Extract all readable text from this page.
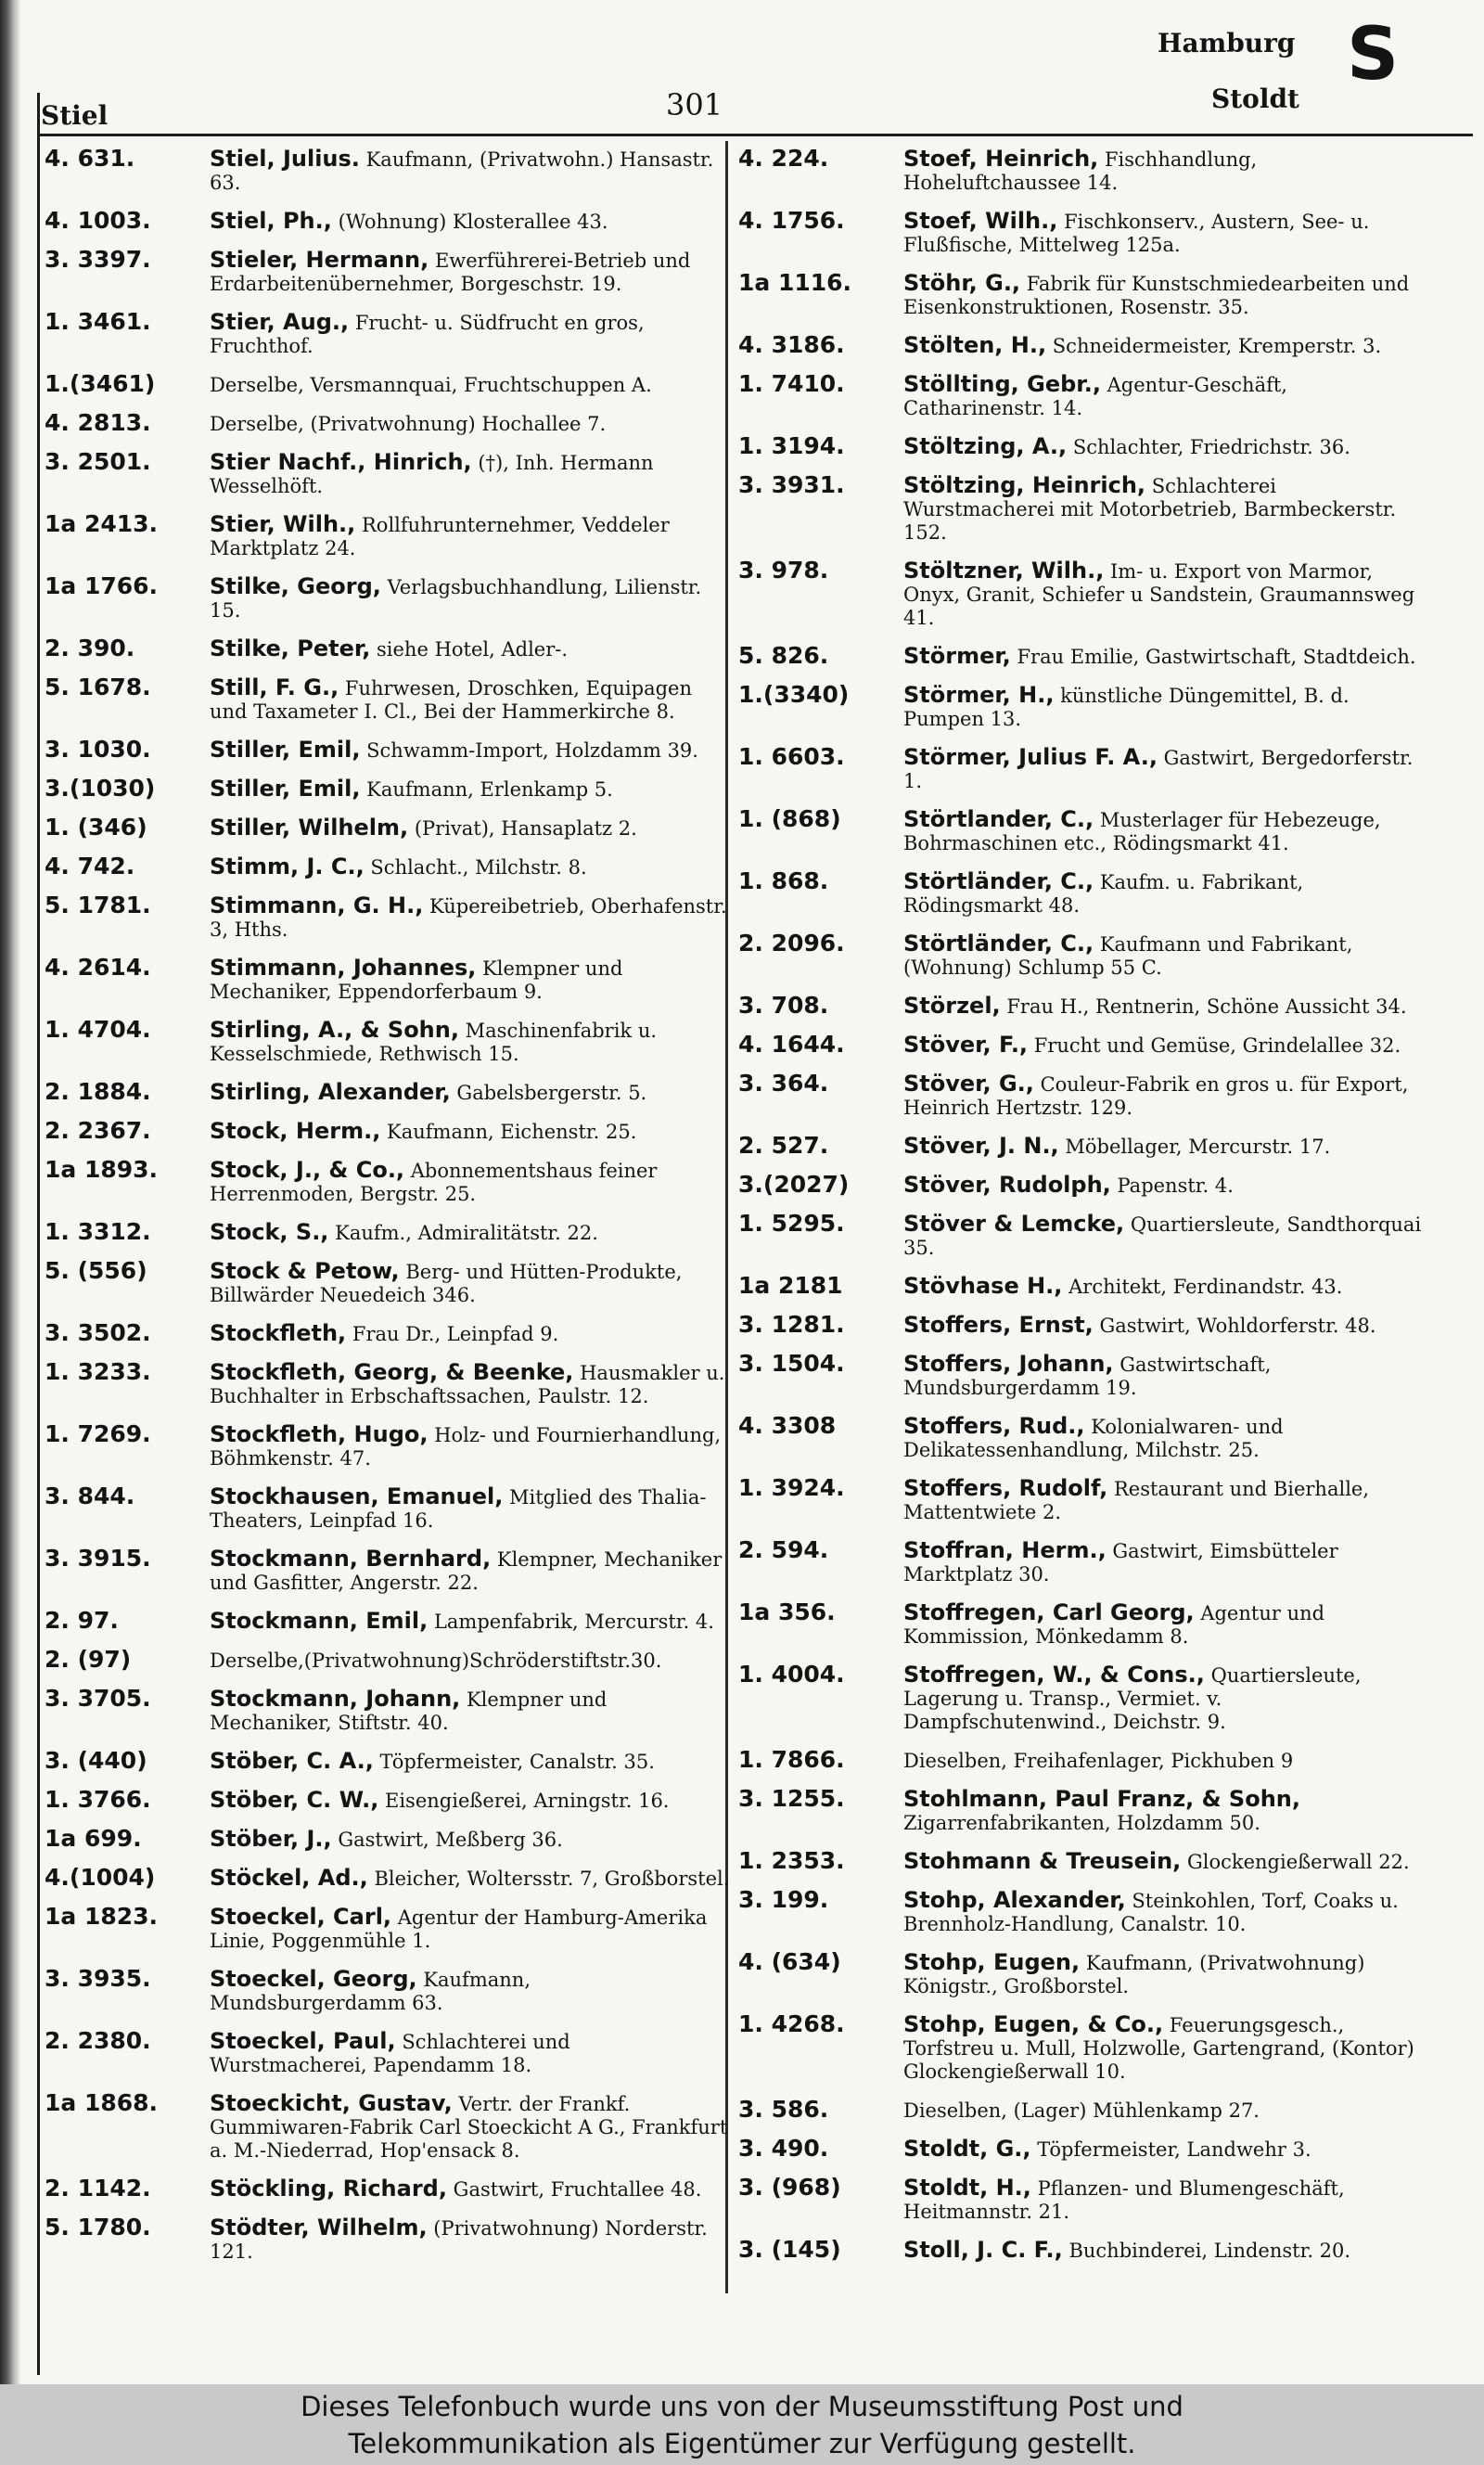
Stiel	301
Hamburg
Stoldt
S
4. 631.	Stiel, Julius. Kaufmann, (Privatwohn.) Hansastr. 63.
4. 1003.	Stiel, Ph., (Wohnung) Klosterallee 43.
3. 3397.	Stieler, Hermann, Ewerführerei-Betrieb und Erdarbeitenübernehmer, Borgeschstr. 19.
1. 3461.	Stier, Aug., Frucht- u. Südfrucht en gros, Fruchthof.
1.(3461)	Derselbe, Versmannquai, Fruchtschuppen A.
4. 2813.	Derselbe, (Privatwohnung) Hochallee 7.
3. 2501.	Stier Nachf., Hinrich, (†), Inh. Hermann Wesselhöft.
1a 2413. Stier, Wilh., Rollfuhrunternehmer, Veddeler Marktplatz 24.
1a 1766. Stilke, Georg, Verlagsbuchhandlung, Lilienstr. 15.
2. 390.	Stilke, Peter, siehe Hotel, Adler-.
5. 1678.	Still, F. G., Fuhrwesen, Droschken, Equipagen und Taxameter I. Cl., Bei der Hammerkirche 8.
3. 1030.	Stiller, Emil, Schwamm-Import, Holzdamm 39.
3.(1030) Stiller, Emil, Kaufmann, Erlenkamp 5.
1. (346)	Stiller, Wilhelm, (Privat), Hansaplatz 2.
4. 742.	Stimm, J. C., Schlacht., Milchstr. 8.
5. 1781.	Stimmann, G. H., Küpereibetrieb, Oberhafenstr. 3, Hths.
4. 2614.	Stimmann, Johannes, Klempner und Mechaniker, Eppendorferbaum 9.
1. 4704.	Stirling, A., & Sohn, Maschinenfabrik u. Kesselschmiede, Rethwisch 15.
2. 1884.	Stirling, Alexander, Gabelsbergerstr. 5.
2. 2367.	Stock, Herm., Kaufmann, Eichenstr. 25.
1a 1893. Stock, J., & Co., Abonnementshaus feiner Herrenmoden, Bergstr. 25.
1. 3312.	Stock, S., Kaufm., Admiralitätstr. 22.
5. (556)	Stock & Petow, Berg- und Hütten-Produkte, Billwärder Neuedeich 346.
3. 3502.	Stockfleth, Frau Dr., Leinpfad 9.
1. 3233.	Stockfleth, Georg, & Beenke, Hausmakler u. Buchhalter in Erbschaftssachen, Paulstr. 12.
1. 7269.	Stockfleth, Hugo, Holz- und Fournierhandlung, Böhmkenstr. 47.
3. 844.	Stockhausen, Emanuel, Mitglied des Thalia-Theaters, Leinpfad 16.
3. 3915.	Stockmann, Bernhard, Klempner, Mechaniker und Gasfitter, Angerstr. 22.
2. 97.	Stockmann, Emil, Lampenfabrik, Mercurstr. 4.
2. (97)	Derselbe,(Privatwohnung)Schröderstiftstr.30.
3. 3705.	Stockmann, Johann, Klempner und Mechaniker, Stiftstr. 40.
3. (440)	Stöber, C. A., Töpfermeister, Canalstr. 35.
1. 3766.	Stöber, C. W., Eisengießerei, Arningstr. 16.
1a 699.	Stöber, J., Gastwirt, Meßberg 36.
4.(1004) Stöckel, Ad., Bleicher, Woltersstr. 7, Großborstel.
1a 1823. Stoeckel, Carl, Agentur der Hamburg-Amerika Linie, Poggenmühle 1.
3. 3935.	Stoeckel, Georg, Kaufmann, Mundsburgerdamm 63.
2. 2380.	Stoeckel, Paul, Schlachterei und Wurstmacherei, Papendamm 18.
1a 1868. Stoeckicht, Gustav, Vertr. der Frankf. Gummiwaren-Fabrik Carl Stoeckicht A G., Frankfurt a. M.-Niederrad, Hop'ensack 8.
2. 1142.	Stöckling, Richard, Gastwirt, Fruchtallee 48.
5. 1780.	Stödter, Wilhelm, (Privatwohnung) Norderstr. 121.
4. 224.	Stoef, Heinrich, Fischhandlung, Hoheluftchaussee 14.
4. 1756.	Stoef, Wilh., Fischkonserv., Austern, See- u. Flußfische, Mittelweg 125a.
1a 1116. Stöhr, G., Fabrik für Kunstschmiedearbeiten und Eisenkonstruktionen, Rosenstr. 35.
4. 3186.	Stölten, H., Schneidermeister, Kremperstr. 3.
1. 7410.	Stöllting, Gebr., Agentur-Geschäft, Catharinenstr. 14.
1. 3194.	Stöltzing, A., Schlachter, Friedrichstr. 36.
3. 3931.	Stöltzing, Heinrich, Schlachterei Wurstmacherei mit Motorbetrieb, Barmbeckerstr. 152.
3. 978.	Stöltzner, Wilh., Im- u. Export von Marmor, Onyx, Granit, Schiefer u Sandstein, Graumannsweg 41.
5. 826.	Störmer, Frau Emilie, Gastwirtschaft, Stadtdeich.
1.(3340) Störmer, H., künstliche Düngemittel, B. d. Pumpen 13.
1. 6603.	Störmer, Julius F. A., Gastwirt, Bergedorferstr. 1.
1. (868)	Störtlander, C., Musterlager für Hebezeuge, Bohrmaschinen etc., Rödingsmarkt 41.
1. 868.	Störtländer, C., Kaufm. u. Fabrikant, Rödingsmarkt 48.
2. 2096.	Störtländer, C., Kaufmann und Fabrikant, (Wohnung) Schlump 55 C.
3. 708.	Störzel, Frau H., Rentnerin, Schöne Aussicht 34.
4. 1644.	Stöver, F., Frucht und Gemüse, Grindelallee 32.
3. 364.	Stöver, G., Couleur-Fabrik en gros u. für Export, Heinrich Hertzstr. 129.
2. 527.	Stöver, J. N., Möbellager, Mercurstr. 17.
3.(2027) Stöver, Rudolph, Papenstr. 4.
1. 5295.	Stöver & Lemcke, Quartiersleute, Sandthorquai 35.
1a 2181	Stövhase H., Architekt, Ferdinandstr. 43.
3. 1281.	Stoffers, Ernst, Gastwirt, Wohldorferstr. 48.
3. 1504.	Stoffers, Johann, Gastwirtschaft, Mundsburgerdamm 19.
4. 3308	Stoffers, Rud., Kolonialwaren- und Delikatessenhandlung, Milchstr. 25.
1. 3924.	Stoffers, Rudolf, Restaurant und Bierhalle, Mattentwiete 2.
2. 594.	Stoffran, Herm., Gastwirt, Eimsbütteler Marktplatz 30.
1a 356.	Stoffregen, Carl Georg, Agentur und Kommission, Mönkedamm 8.
1. 4004.	Stoffregen, W., & Cons., Quartiersleute, Lagerung u. Transp., Vermiet. v. Dampfschutenwind., Deichstr. 9.
1. 7866.	Dieselben, Freihafenlager, Pickhuben 9
3. 1255.	Stohlmann, Paul Franz, & Sohn, Zigarrenfabrikanten, Holzdamm 50.
1. 2353.	Stohmann & Treusein, Glockengießerwall 22.
3. 199.	Stohp, Alexander, Steinkohlen, Torf, Coaks u. Brennholz-Handlung, Canalstr. 10.
4. (634)	Stohp, Eugen, Kaufmann, (Privatwohnung) Königstr., Großborstel.
1. 4268.	Stohp, Eugen, & Co., Feuerungsgesch., Torfstreu u. Mull, Holzwolle, Gartengrand, (Kontor) Glockengießerwall 10.
3. 586.	Dieselben, (Lager) Mühlenkamp 27.
3. 490.	Stoldt, G., Töpfermeister, Landwehr 3.
3. (968)	Stoldt, H., Pflanzen- und Blumengeschäft, Heitmannstr. 21.
3. (145)	Stoll, J. C. F., Buchbinderei, Lindenstr. 20.
Dieses Telefonbuch wurde uns von der Museumsstiftung Post und
Telekommunikation als Eigentümer zur Verfügung gestellt.
